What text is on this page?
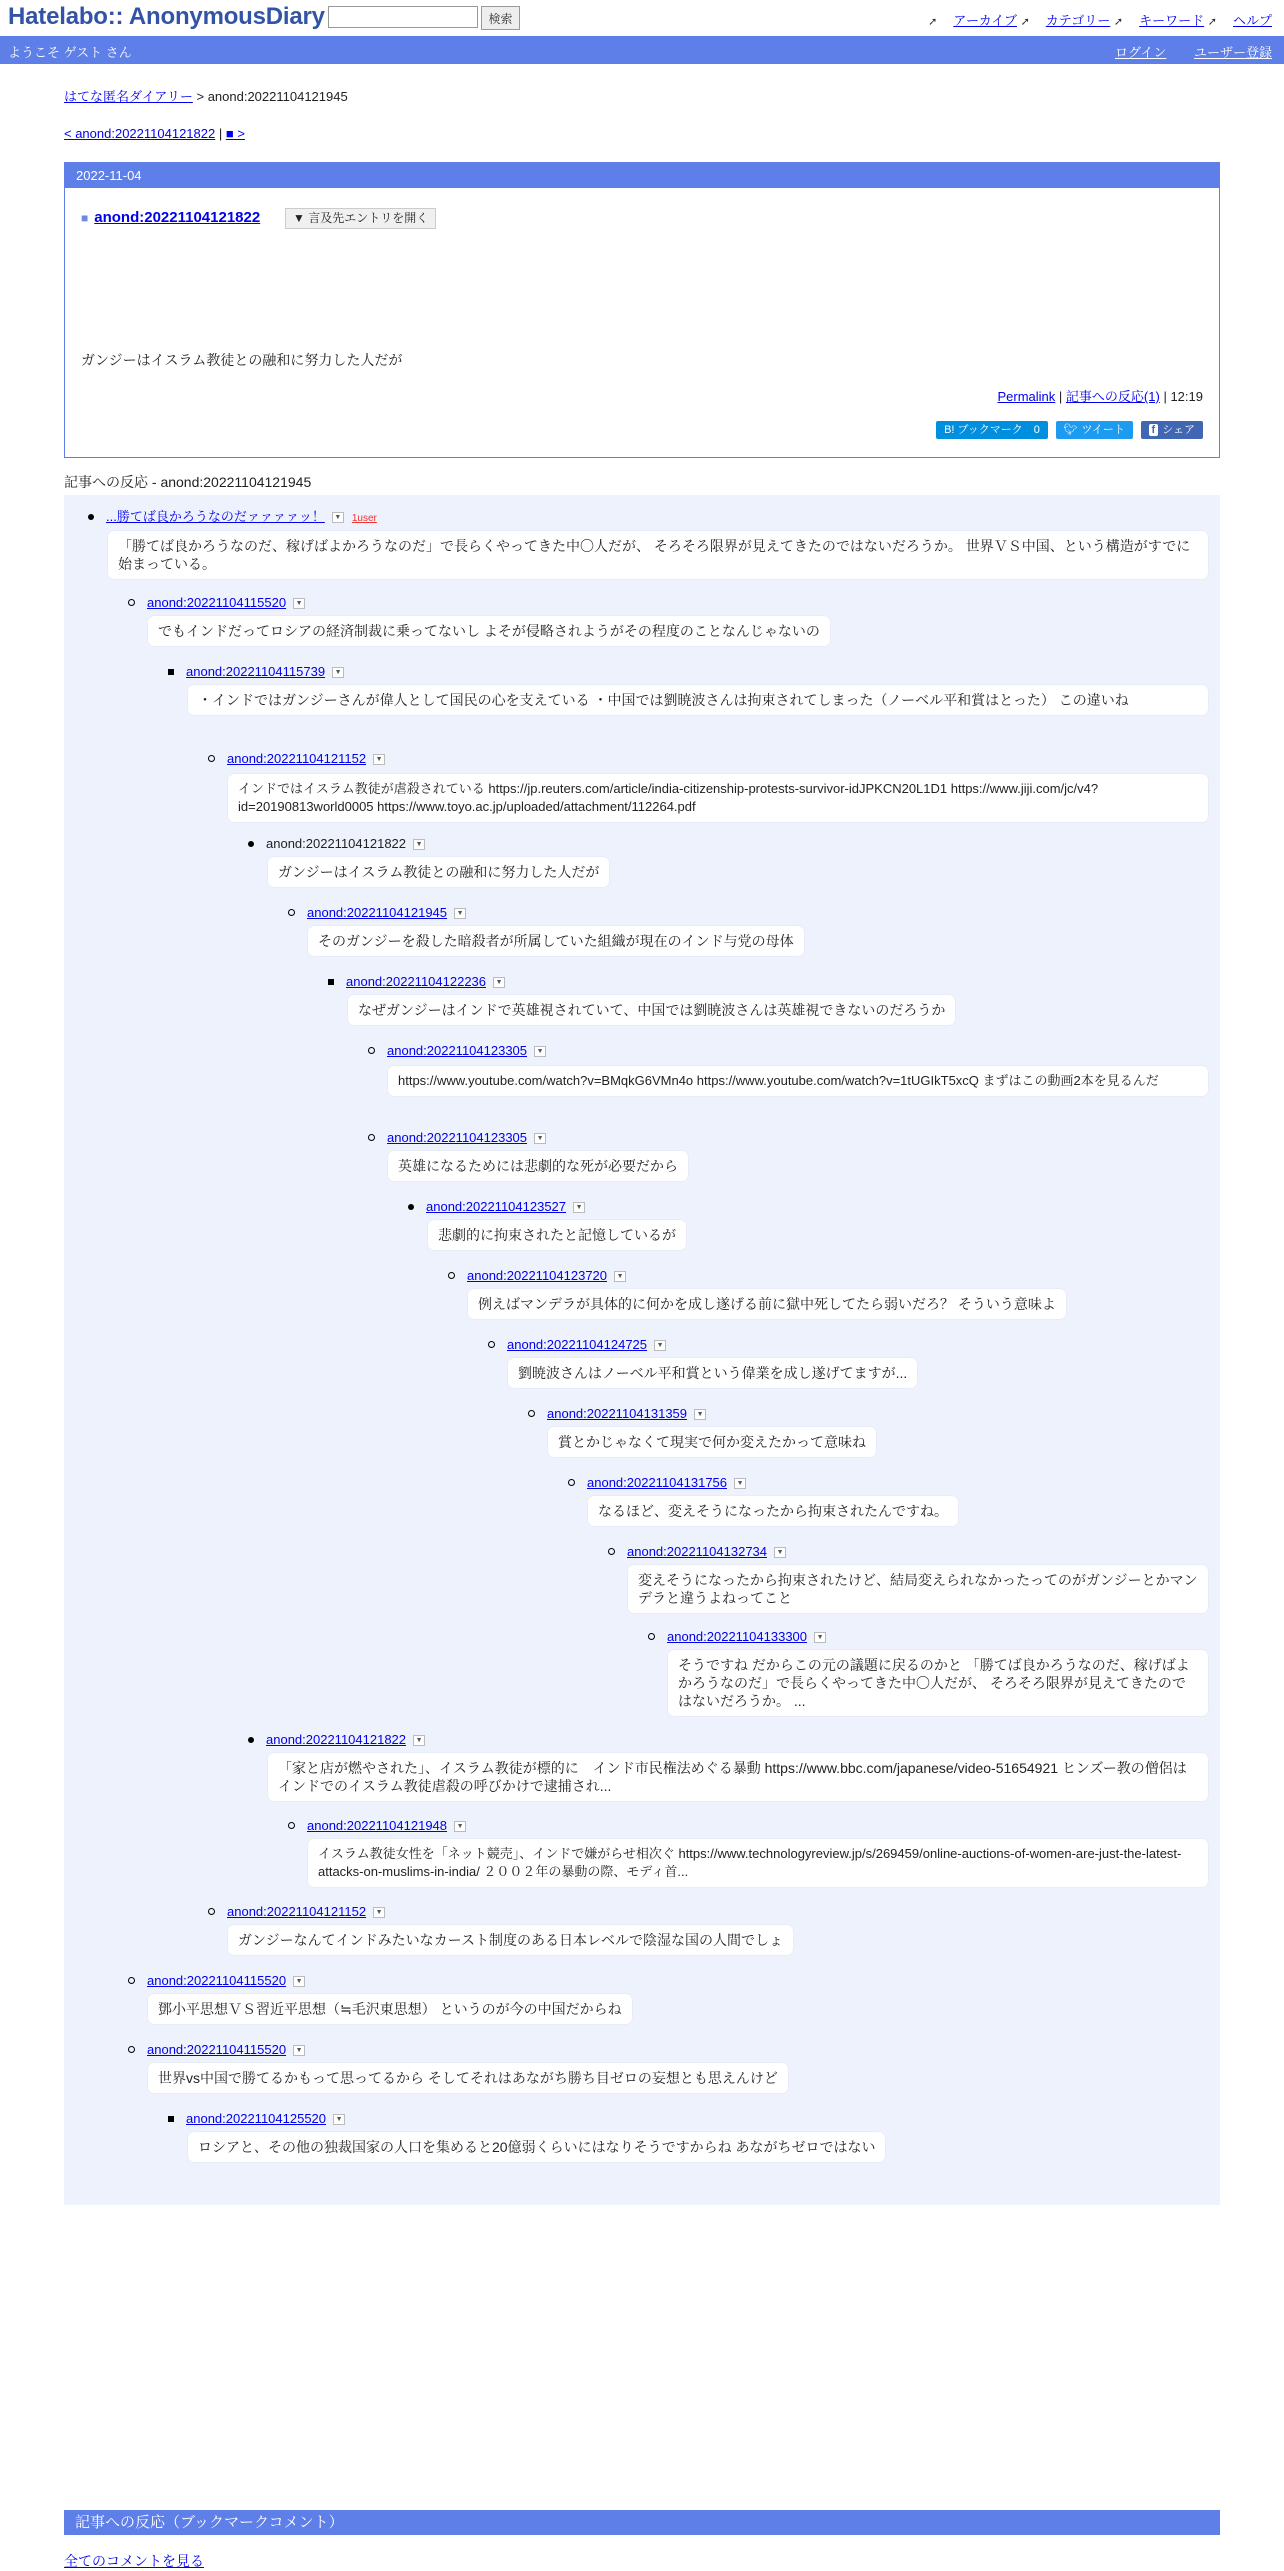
Hatelabo:: AnonymousDiary	検索	➚ アーカイブ ➚ カテゴリー ➚ キーワード ➚ ヘルプ
ようこそ ゲスト さん	ログイン ユーザー登録
はてな匿名ダイアリー > anond:20221104121945
< anond:20221104121822 | ■ >
2022-11-04
■ anond:20221104121822	▼ 言及先エントリを開く
ガンジーはイスラム教徒との融和に努力した人だが
Permalink | 記事への反応(1) | 12:19
B! ブックマーク　0 🐦︎ ツイート f シェア
記事への反応 - anond:20221104121945
...勝てば良かろうなのだァァァァッ！ ▼ 1user
「勝てば良かろうなのだ、稼げばよかろうなのだ」で長らくやってきた中〇人だが、 そろそろ限界が見えてきたのではないだろうか。 世界ＶＳ中国、という構造がすでに始まっている。
anond:20221104115520 ▼
でもインドだってロシアの経済制裁に乗ってないし よそが侵略されようがその程度のことなんじゃないの
anond:20221104115739 ▼
・インドではガンジーさんが偉人として国民の心を支えている ・中国では劉暁波さんは拘束されてしまった（ノーベル平和賞はとった） この違いね
anond:20221104121152 ▼
インドではイスラム教徒が虐殺されている https://jp.reuters.com/article/india-citizenship-protests-survivor-idJPKCN20L1D1 https://www.jiji.com/jc/v4?id=20190813world0005 https://www.toyo.ac.jp/uploaded/attachment/112264.pdf
anond:20221104121822 ▼
ガンジーはイスラム教徒との融和に努力した人だが
anond:20221104121945 ▼
そのガンジーを殺した暗殺者が所属していた組織が現在のインド与党の母体
anond:20221104122236 ▼
なぜガンジーはインドで英雄視されていて、中国では劉暁波さんは英雄視できないのだろうか
anond:20221104123305 ▼
https://www.youtube.com/watch?v=BMqkG6VMn4o https://www.youtube.com/watch?v=1tUGIkT5xcQ まずはこの動画2本を見るんだ
anond:20221104123305 ▼
英雄になるためには悲劇的な死が必要だから
anond:20221104123527 ▼
悲劇的に拘束されたと記憶しているが
anond:20221104123720 ▼
例えばマンデラが具体的に何かを成し遂げる前に獄中死してたら弱いだろ？ そういう意味よ
anond:20221104124725 ▼
劉暁波さんはノーベル平和賞という偉業を成し遂げてますが...
anond:20221104131359 ▼
賞とかじゃなくて現実で何か変えたかって意味ね
anond:20221104131756 ▼
なるほど、変えそうになったから拘束されたんですね。
anond:20221104132734 ▼
変えそうになったから拘束されたけど、結局変えられなかったってのがガンジーとかマンデラと違うよねってこと
anond:20221104133300 ▼
そうですね だからこの元の議題に戻るのかと 「勝てば良かろうなのだ、稼げばよかろうなのだ」で長らくやってきた中〇人だが、 そろそろ限界が見えてきたのではないだろうか。 ...
anond:20221104121822 ▼
「家と店が燃やされた」、イスラム教徒が標的に　インド市民権法めぐる暴動 https://www.bbc.com/japanese/video-51654921 ヒンズー教の僧侶はインドでのイスラム教徒虐殺の呼びかけで逮捕され...
anond:20221104121948 ▼
イスラム教徒女性を「ネット競売」、インドで嫌がらせ相次ぐ https://www.technologyreview.jp/s/269459/online-auctions-of-women-are-just-the-latest-attacks-on-muslims-in-india/ ２００２年の暴動の際、モディ首...
anond:20221104121152 ▼
ガンジーなんてインドみたいなカースト制度のある日本レベルで陰湿な国の人間でしょ
anond:20221104115520 ▼
鄧小平思想ＶＳ習近平思想（≒毛沢東思想） というのが今の中国だからね
anond:20221104115520 ▼
世界vs中国で勝てるかもって思ってるから そしてそれはあながち勝ち目ゼロの妄想とも思えんけど
anond:20221104125520 ▼
ロシアと、その他の独裁国家の人口を集めると20億弱くらいにはなりそうですからね あながちゼロではない
記事への反応（ブックマークコメント）
全てのコメントを見る
